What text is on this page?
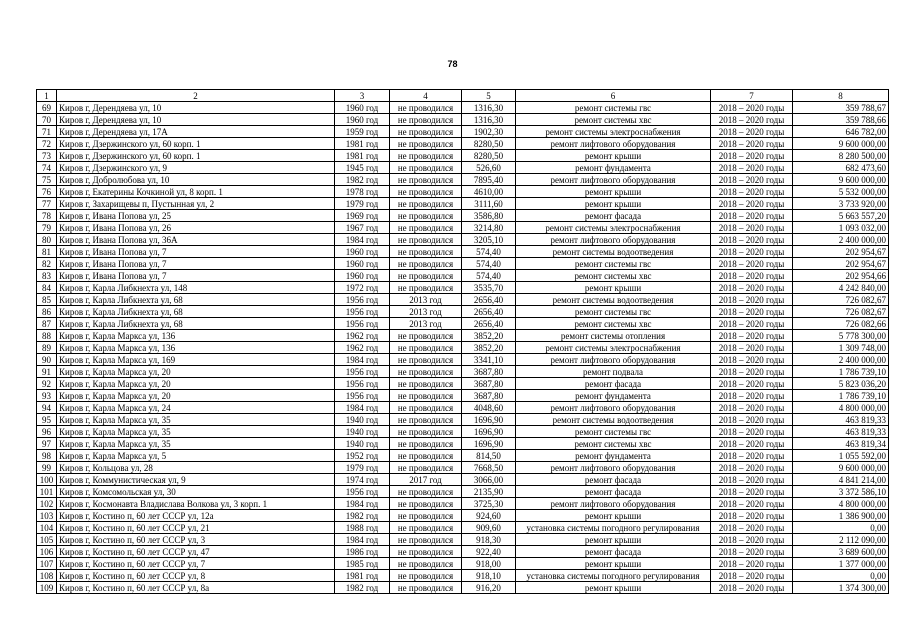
78
1	2	3	4	5	6	7	8
69	Киров г, Дерендяева ул, 10	1960 год	не проводился	1316,30	ремонт системы гвс	2018 – 2020 годы	359 788,67
70	Киров г, Дерендяева ул, 10	1960 год	не проводился	1316,30	ремонт системы хвс	2018 – 2020 годы	359 788,66
71	Киров г, Дерендяева ул, 17А	1959 год	не проводился	1902,30	ремонт системы электроснабжения	2018 – 2020 годы	646 782,00
72	Киров г, Дзержинского ул, 60 корп. 1	1981 год	не проводился	8280,50	ремонт лифтового оборудования	2018 – 2020 годы	9 600 000,00
73	Киров г, Дзержинского ул, 60 корп. 1	1981 год	не проводился	8280,50	ремонт крыши	2018 – 2020 годы	8 280 500,00
74	Киров г, Дзержинского ул, 9	1945 год	не проводился	526,60	ремонт фундамента	2018 – 2020 годы	682 473,60
75	Киров г, Добролюбова ул, 10	1982 год	не проводился	7895,40	ремонт лифтового оборудования	2018 – 2020 годы	9 600 000,00
76	Киров г, Екатерины Кочкиной ул, 8 корп. 1	1978 год	не проводился	4610,00	ремонт крыши	2018 – 2020 годы	5 532 000,00
77	Киров г, Захарищевы п, Пустынная ул, 2	1979 год	не проводился	3111,60	ремонт крыши	2018 – 2020 годы	3 733 920,00
78	Киров г, Ивана Попова ул, 25	1969 год	не проводился	3586,80	ремонт фасада	2018 – 2020 годы	5 663 557,20
79	Киров г, Ивана Попова ул, 26	1967 год	не проводился	3214,80	ремонт системы электроснабжения	2018 – 2020 годы	1 093 032,00
80	Киров г, Ивана Попова ул, 36А	1984 год	не проводился	3205,10	ремонт лифтового оборудования	2018 – 2020 годы	2 400 000,00
81	Киров г, Ивана Попова ул, 7	1960 год	не проводился	574,40	ремонт системы водоотведения	2018 – 2020 годы	202 954,67
82	Киров г, Ивана Попова ул, 7	1960 год	не проводился	574,40	ремонт системы гвс	2018 – 2020 годы	202 954,67
83	Киров г, Ивана Попова ул, 7	1960 год	не проводился	574,40	ремонт системы хвс	2018 – 2020 годы	202 954,66
84	Киров г, Карла Либкнехта ул, 148	1972 год	не проводился	3535,70	ремонт крыши	2018 – 2020 годы	4 242 840,00
85	Киров г, Карла Либкнехта ул, 68	1956 год	2013 год	2656,40	ремонт системы водоотведения	2018 – 2020 годы	726 082,67
86	Киров г, Карла Либкнехта ул, 68	1956 год	2013 год	2656,40	ремонт системы гвс	2018 – 2020 годы	726 082,67
87	Киров г, Карла Либкнехта ул, 68	1956 год	2013 год	2656,40	ремонт системы хвс	2018 – 2020 годы	726 082,66
88	Киров г, Карла Маркса ул, 136	1962 год	не проводился	3852,20	ремонт системы отопления	2018 – 2020 годы	5 778 300,00
89	Киров г, Карла Маркса ул, 136	1962 год	не проводился	3852,20	ремонт системы электроснабжения	2018 – 2020 годы	1 309 748,00
90	Киров г, Карла Маркса ул, 169	1984 год	не проводился	3341,10	ремонт лифтового оборудования	2018 – 2020 годы	2 400 000,00
91	Киров г, Карла Маркса ул, 20	1956 год	не проводился	3687,80	ремонт подвала	2018 – 2020 годы	1 786 739,10
92	Киров г, Карла Маркса ул, 20	1956 год	не проводился	3687,80	ремонт фасада	2018 – 2020 годы	5 823 036,20
93	Киров г, Карла Маркса ул, 20	1956 год	не проводился	3687,80	ремонт фундамента	2018 – 2020 годы	1 786 739,10
94	Киров г, Карла Маркса ул, 24	1984 год	не проводился	4048,60	ремонт лифтового оборудования	2018 – 2020 годы	4 800 000,00
95	Киров г, Карла Маркса ул, 35	1940 год	не проводился	1696,90	ремонт системы водоотведения	2018 – 2020 годы	463 819,33
96	Киров г, Карла Маркса ул, 35	1940 год	не проводился	1696,90	ремонт системы гвс	2018 – 2020 годы	463 819,33
97	Киров г, Карла Маркса ул, 35	1940 год	не проводился	1696,90	ремонт системы хвс	2018 – 2020 годы	463 819,34
98	Киров г, Карла Маркса ул, 5	1952 год	не проводился	814,50	ремонт фундамента	2018 – 2020 годы	1 055 592,00
99	Киров г, Кольцова ул, 28	1979 год	не проводился	7668,50	ремонт лифтового оборудования	2018 – 2020 годы	9 600 000,00
100	Киров г, Коммунистическая ул, 9	1974 год	2017 год	3066,00	ремонт фасада	2018 – 2020 годы	4 841 214,00
101	Киров г, Комсомольская ул, 30	1956 год	не проводился	2135,90	ремонт фасада	2018 – 2020 годы	3 372 586,10
102	Киров г, Космонавта Владислава Волкова ул, 3 корп. 1	1984 год	не проводился	3725,30	ремонт лифтового оборудования	2018 – 2020 годы	4 800 000,00
103	Киров г, Костино п, 60 лет СССР ул, 12а	1982 год	не проводился	924,60	ремонт крыши	2018 – 2020 годы	1 386 900,00
104	Киров г, Костино п, 60 лет СССР ул, 21	1988 год	не проводился	909,60	установка системы погодного регулирования	2018 – 2020 годы	0,00
105	Киров г, Костино п, 60 лет СССР ул, 3	1984 год	не проводился	918,30	ремонт крыши	2018 – 2020 годы	2 112 090,00
106	Киров г, Костино п, 60 лет СССР ул, 47	1986 год	не проводился	922,40	ремонт фасада	2018 – 2020 годы	3 689 600,00
107	Киров г, Костино п, 60 лет СССР ул, 7	1985 год	не проводился	918,00	ремонт крыши	2018 – 2020 годы	1 377 000,00
108	Киров г, Костино п, 60 лет СССР ул, 8	1981 год	не проводился	918,10	установка системы погодного регулирования	2018 – 2020 годы	0,00
109	Киров г, Костино п, 60 лет СССР ул, 8а	1982 год	не проводился	916,20	ремонт крыши	2018 – 2020 годы	1 374 300,00
